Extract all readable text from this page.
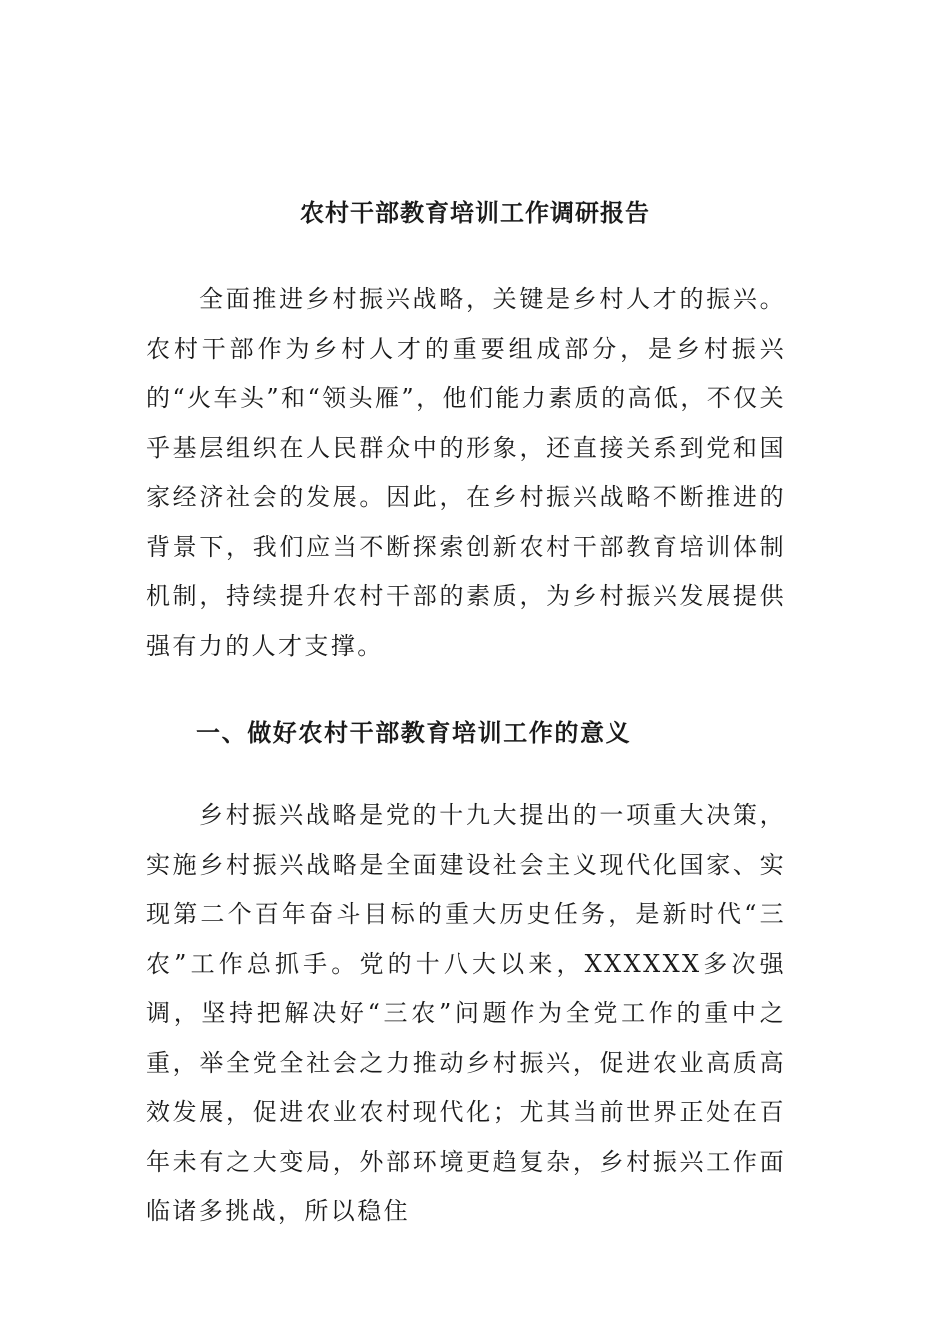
农村干部教育培训工作调研报告

全面推进乡村振兴战略，关键是乡村人才的振兴。农村干部作为乡村人才的重要组成部分，是乡村振兴的“火车头”和“领头雁”，他们能力素质的高低，不仅关乎基层组织在人民群众中的形象，还直接关系到党和国家经济社会的发展。因此，在乡村振兴战略不断推进的背景下，我们应当不断探索创新农村干部教育培训体制机制，持续提升农村干部的素质，为乡村振兴发展提供强有力的人才支撑。

一、做好农村干部教育培训工作的意义

乡村振兴战略是党的十九大提出的一项重大决策，实施乡村振兴战略是全面建设社会主义现代化国家、实现第二个百年奋斗目标的重大历史任务，是新时代“三农”工作总抓手。党的十八大以来，XXXXXX多次强调，坚持把解决好“三农”问题作为全党工作的重中之重，举全党全社会之力推动乡村振兴，促进农业高质高效发展，促进农业农村现代化；尤其当前世界正处在百年未有之大变局，外部环境更趋复杂，乡村振兴工作面临诸多挑战，所以稳住
